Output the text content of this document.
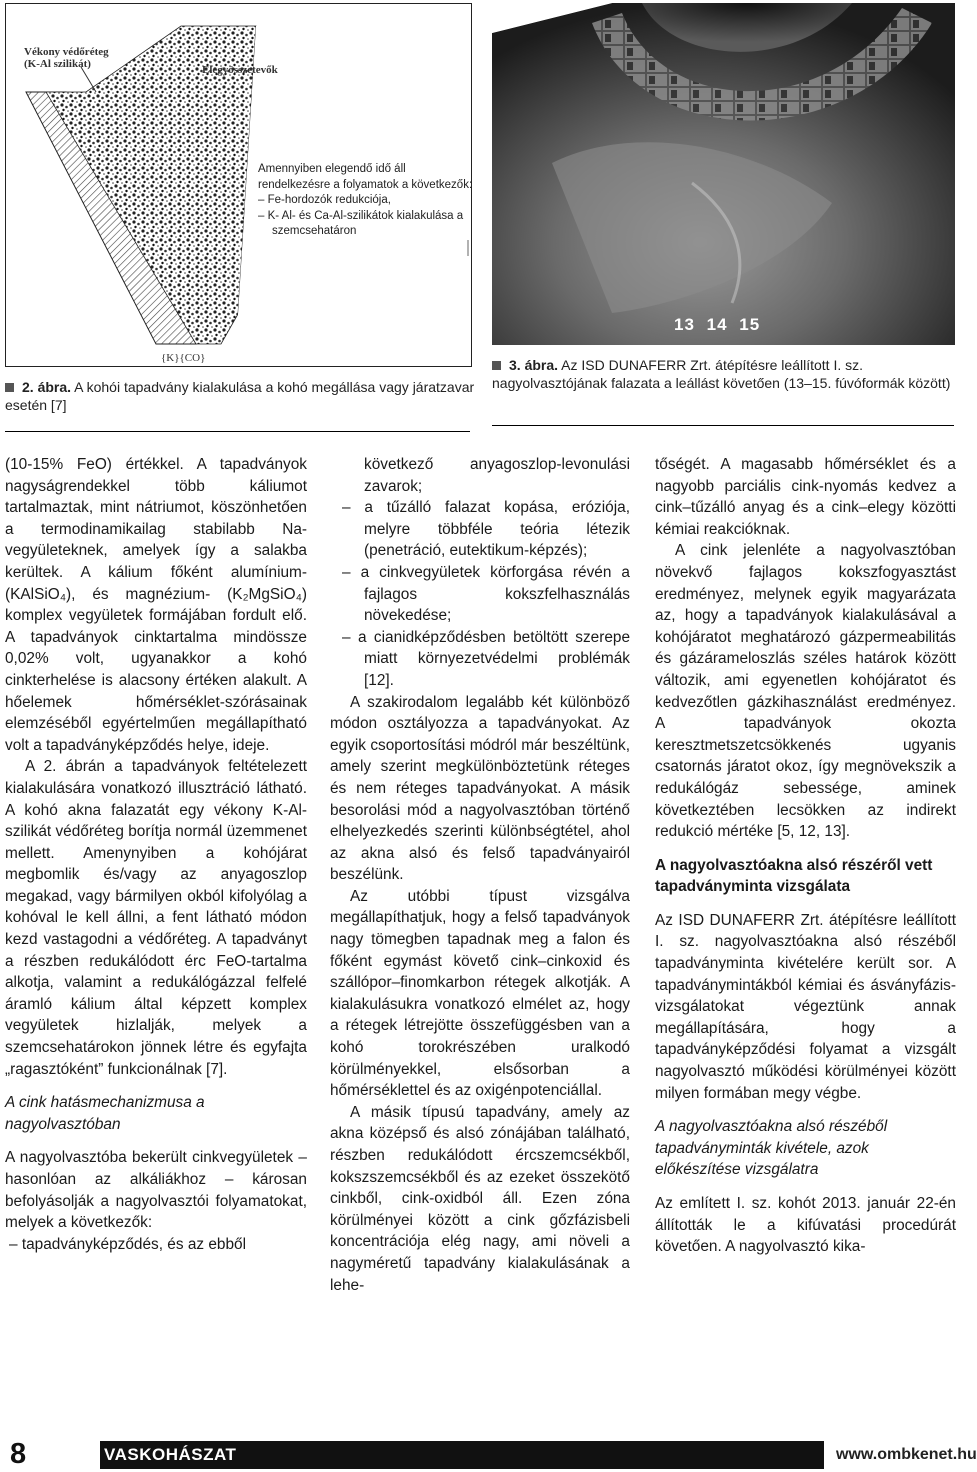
Vékony védőréteg
(K-Al szilikát)	Elegyösszetevők
{K}{CO}

Amennyiben elegendő idő áll rendelkezésre a folyamatok a következők:

– Fe-hordozók redukciója,
– K- Al- és Ca-Al-szilikátok kialakulása a szemcsehatáron
2. ábra. A kohói tapadvány kialakulása a kohó megállása vagy járatzavar esetén [7]
13 14 15
3. ábra. Az ISD DUNAFERR Zrt. átépítésre leállított I. sz. nagyolvasztójának falazata a leállást követően (13–15. fúvóformák között)

(10-15% FeO) értékkel. A tapadványok nagyságrendekkel több káliumot tartalmaztak, mint nátriumot, köszönhetően a termodinamikailag stabilabb Na-vegyületeknek, amelyek így a salakba kerültek. A kálium főként alumínium- (KAlSiO₄), és magnézium- (K₂MgSiO₄) komplex vegyületek formájában fordult elő. A tapadványok cinktartalma mindössze 0,02% volt, ugyanakkor a kohó cinkterhelése is alacsony értéken alakult. A hőelemek hőmérséklet-szórásainak elemzéséből egyértelműen megállapítható volt a tapadványképződés helye, ideje.

A 2. ábrán a tapadványok feltételezett kialakulására vonatkozó illusztráció látható. A kohó akna falazatát egy vékony K-Al-szilikát védőréteg borítja normál üzemmenet mellett. Amenynyiben a kohójárat megbomlik és/vagy az anyagoszlop megakad, vagy bármilyen okból kifolyólag a kohóval le kell állni, a fent látható módon kezd vastagodni a védőréteg. A tapadványt a részben redukálódott érc FeO-tartalma alkotja, valamint a redukálógázzal felfelé áramló kálium által képzett komplex vegyületek hizlalják, melyek a szemcsehatárokon jönnek létre és egyfajta „ragasztóként” funkcionálnak [7].

A cink hatásmechanizmusa a nagyolvasztóban

A nagyolvasztóba bekerült cinkvegyületek – hasonlóan az alkáliákhoz – károsan befolyásolják a nagyolvasztói folyamatokat, melyek a következők:

– tapadványképződés, és az ebből

következő anyagoszlop-levonulási zavarok;

– a tűzálló falazat kopása, eróziója, melyre többféle teória létezik (penetráció, eutektikum-képzés);
– a cinkvegyületek körforgása révén a fajlagos kokszfelhasználás növekedése;
– a cianidképződésben betöltött szerepe miatt környezetvédelmi problémák [12].

A szakirodalom legalább két különböző módon osztályozza a tapadványokat. Az egyik csoportosítási módról már beszéltünk, amely szerint megkülönböztetünk réteges és nem réteges tapadványokat. A másik besorolási mód a nagyolvasztóban történő elhelyezkedés szerinti különbségtétel, ahol az akna alsó és felső tapadványairól beszélünk.

Az utóbbi típust vizsgálva megállapíthatjuk, hogy a felső tapadványok nagy tömegben tapadnak meg a falon és főként egymást követő cink–cinkoxid és szállópor–finomkarbon rétegek alkotják. A kialakulásukra vonatkozó elmélet az, hogy a rétegek létrejötte összefüggésben van a kohó torokrészében uralkodó körülményekkel, elsősorban a hőmérséklettel és az oxigénpotenciállal.

A másik típusú tapadvány, amely az akna középső és alsó zónájában található, részben redukálódott ércszemcsékből, kokszszemcsékből és az ezeket összekötő cinkből, cink-oxidból áll. Ezen zóna körülményei között a cink gőzfázisbeli koncentrációja elég nagy, ami növeli a nagyméretű tapadvány kialakulásának a lehe-

tőségét. A magasabb hőmérséklet és a nagyobb parciális cink-nyomás kedvez a cink–tűzálló anyag és a cink–elegy közötti kémiai reakcióknak.

A cink jelenléte a nagyolvasztóban növekvő fajlagos kokszfogyasztást eredményez, melynek egyik magyarázata az, hogy a tapadványok kialakulásával a kohójáratot meghatározó gázpermeabilitás és gázárameloszlás széles határok között változik, ami egyenetlen kohójáratot és kedvezőtlen gázkihasználást eredményez. A tapadványok okozta keresztmetszetcsökkenés ugyanis csatornás járatot okoz, így megnövekszik a redukálógáz sebessége, aminek következtében lecsökken az indirekt redukció mértéke [5, 12, 13].

A nagyolvasztóakna alsó részéről vett tapadványminta vizsgálata

Az ISD DUNAFERR Zrt. átépítésre leállított I. sz. nagyolvasztóakna alsó részéből tapadványminta kivételére került sor. A tapadványmintákból kémiai és ásványfázis-vizsgálatokat végeztünk annak megállapítására, hogy a tapadványképződési folyamat a vizsgált nagyolvasztó működési körülményei között milyen formában megy végbe.

A nagyolvasztóakna alsó részéből tapadványminták kivétele, azok előkészítése vizsgálatra

Az említett I. sz. kohót 2013. január 22-én állították le a kifúvatási procedúrát követően. A nagyolvasztó kika-

8	VASKOHÁSZAT	www.ombkenet.hu
